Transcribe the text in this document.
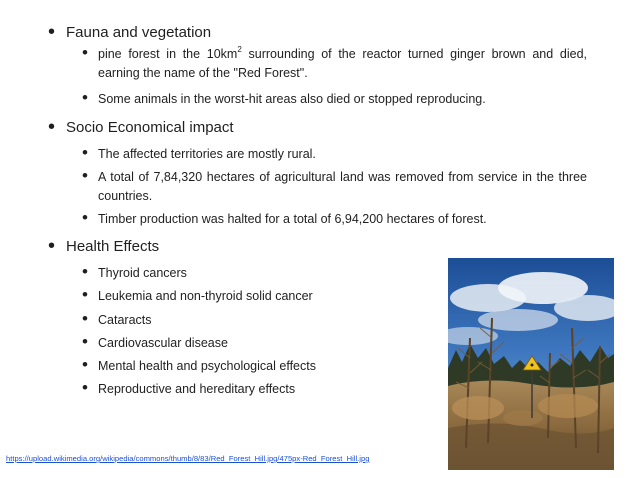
• Fauna and vegetation
• pine forest in the $10km^2$ surrounding of the reactor turned ginger brown and died, earning the name of the "Red Forest".
• Some animals in the worst-hit areas also died or stopped reproducing.
• Socio Economical impact
• The affected territories are mostly rural.
• A total of 7,84,320 hectares of agricultural land was removed from service in the three countries.
• Timber production was halted for a total of 6,94,200 hectares of forest.
• Health Effects
• Thyroid cancers
• Leukemia and non-thyroid solid cancer
• Cataracts
• Cardiovascular disease
• Mental health and psychological effects
• Reproductive and hereditary effects
https://upload.wikimedia.org/wikipedia/commons/thumb/8/83/Red_Forest_Hill.jpg/475px-Red_Forest_Hill.jpg
